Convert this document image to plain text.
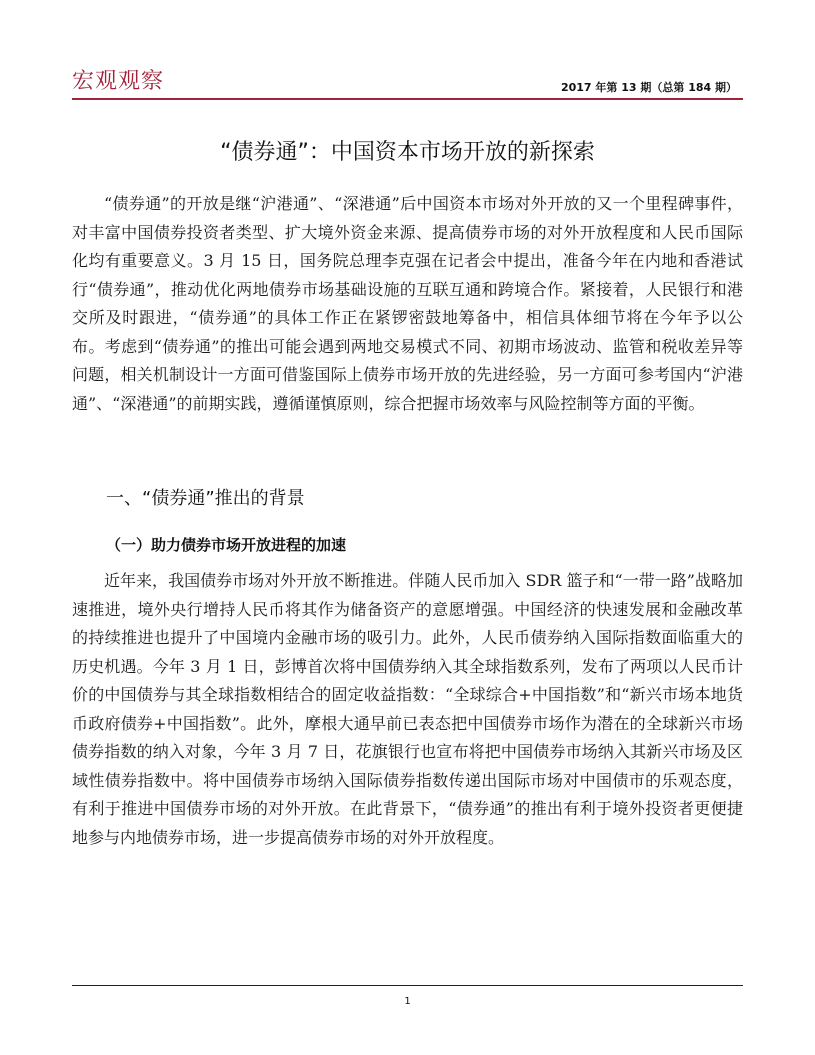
宏观观察	2017 年第 13 期（总第 184 期）
“债券通”：中国资本市场开放的新探索

“债券通”的开放是继“沪港通”、“深港通”后中国资本市场对外开放的又一个里程碑事件，对丰富中国债券投资者类型、扩大境外资金来源、提高债券市场的对外开放程度和人民币国际化均有重要意义。3 月 15 日，国务院总理李克强在记者会中提出，准备今年在内地和香港试行“债券通”，推动优化两地债券市场基础设施的互联互通和跨境合作。紧接着，人民银行和港交所及时跟进，“债券通”的具体工作正在紧锣密鼓地筹备中，相信具体细节将在今年予以公布。考虑到“债券通”的推出可能会遇到两地交易模式不同、初期市场波动、监管和税收差异等问题，相关机制设计一方面可借鉴国际上债券市场开放的先进经验，另一方面可参考国内“沪港通”、“深港通”的前期实践，遵循谨慎原则，综合把握市场效率与风险控制等方面的平衡。

一、“债券通”推出的背景
（一）助力债券市场开放进程的加速

近年来，我国债券市场对外开放不断推进。伴随人民币加入 SDR 篮子和“一带一路”战略加速推进，境外央行增持人民币将其作为储备资产的意愿增强。中国经济的快速发展和金融改革的持续推进也提升了中国境内金融市场的吸引力。此外，人民币债券纳入国际指数面临重大的历史机遇。今年 3 月 1 日，彭博首次将中国债券纳入其全球指数系列，发布了两项以人民币计价的中国债券与其全球指数相结合的固定收益指数：“全球综合+中国指数”和“新兴市场本地货币政府债券+中国指数”。此外，摩根大通早前已表态把中国债券市场作为潜在的全球新兴市场债券指数的纳入对象，今年 3 月 7 日，花旗银行也宣布将把中国债券市场纳入其新兴市场及区域性债券指数中。将中国债券市场纳入国际债券指数传递出国际市场对中国债市的乐观态度，有利于推进中国债券市场的对外开放。在此背景下，“债券通”的推出有利于境外投资者更便捷地参与内地债券市场，进一步提高债券市场的对外开放程度。

1
